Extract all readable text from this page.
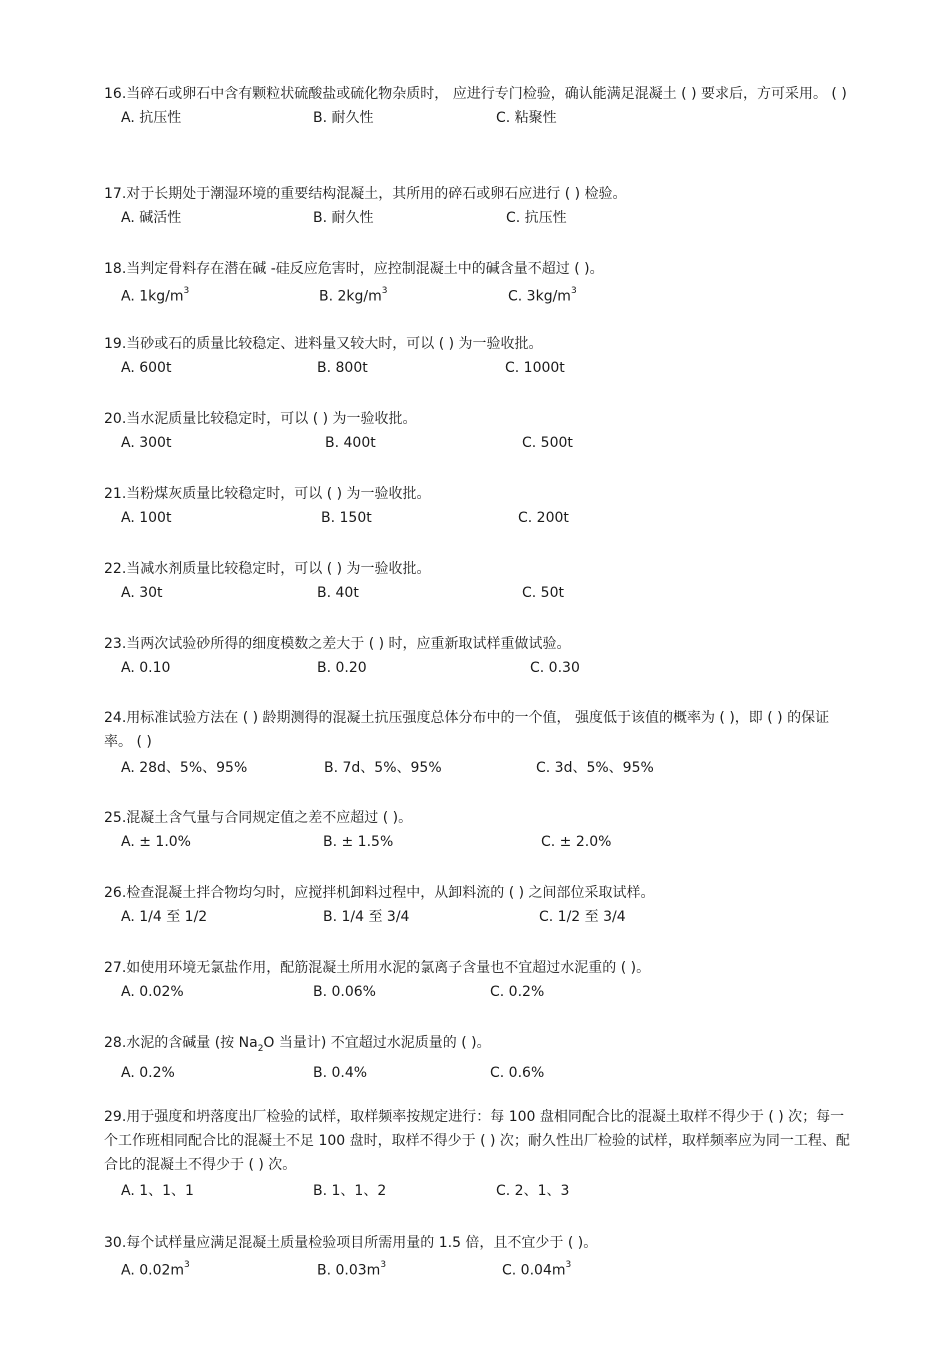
16.当碎石或卵石中含有颗粒状硫酸盐或硫化物杂质时， 应进行专门检验，确认能满足混凝土 ( ) 要求后，方可采用。 ( )
A. 抗压性	B. 耐久性	C. 粘聚性
17.对于长期处于潮湿环境的重要结构混凝土，其所用的碎石或卵石应进行 ( ) 检验。
A. 碱活性	B. 耐久性	C. 抗压性
18.当判定骨料存在潜在碱 -硅反应危害时，应控制混凝土中的碱含量不超过 ( )。
A. $1kg/m^3$	B. $2kg/m^3$	C. $3kg/m^3$
19.当砂或石的质量比较稳定、进料量又较大时，可以 ( ) 为一验收批。
A. 600t	B. 800t	C. 1000t
20.当水泥质量比较稳定时，可以 ( ) 为一验收批。
A. 300t	B. 400t	C. 500t
21.当粉煤灰质量比较稳定时，可以 ( ) 为一验收批。
A. 100t	B. 150t	C. 200t
22.当减水剂质量比较稳定时，可以 ( ) 为一验收批。
A. 30t	B. 40t	C. 50t
23.当两次试验砂所得的细度模数之差大于 ( ) 时，应重新取试样重做试验。
A. 0.10	B. 0.20	C. 0.30
24.用标准试验方法在 ( ) 龄期测得的混凝土抗压强度总体分布中的一个值， 强度低于该值的概率为 ( )，即 ( ) 的保证率。 ( )
A. 28d、5%、95%	B. 7d、5%、95%	C. 3d、5%、95%
25.混凝土含气量与合同规定值之差不应超过 ( )。
A. ± 1.0%	B. ± 1.5%	C. ± 2.0%
26.检查混凝土拌合物均匀时，应搅拌机卸料过程中，从卸料流的 ( ) 之间部位采取试样。
A. 1/4 至 1/2	B. 1/4 至 3/4	C. 1/2 至 3/4
27.如使用环境无氯盐作用，配筋混凝土所用水泥的氯离子含量也不宜超过水泥重的 ( )。
A. 0.02%	B. 0.06%	C. 0.2%
28.水泥的含碱量 (按 $Na_2O$ 当量计) 不宜超过水泥质量的 ( )。
A. 0.2%	B. 0.4%	C. 0.6%
29.用于强度和坍落度出厂检验的试样，取样频率按规定进行：每 100 盘相同配合比的混凝土取样不得少于 ( ) 次；每一个工作班相同配合比的混凝土不足 100 盘时，取样不得少于 ( ) 次；耐久性出厂检验的试样，取样频率应为同一工程、配合比的混凝土不得少于 ( ) 次。
A. 1、1、1	B. 1、1、2	C. 2、1、3
30.每个试样量应满足混凝土质量检验项目所需用量的 1.5 倍，且不宜少于 ( )。
A. $0.02m^3$	B. $0.03m^3$	C. $0.04m^3$
